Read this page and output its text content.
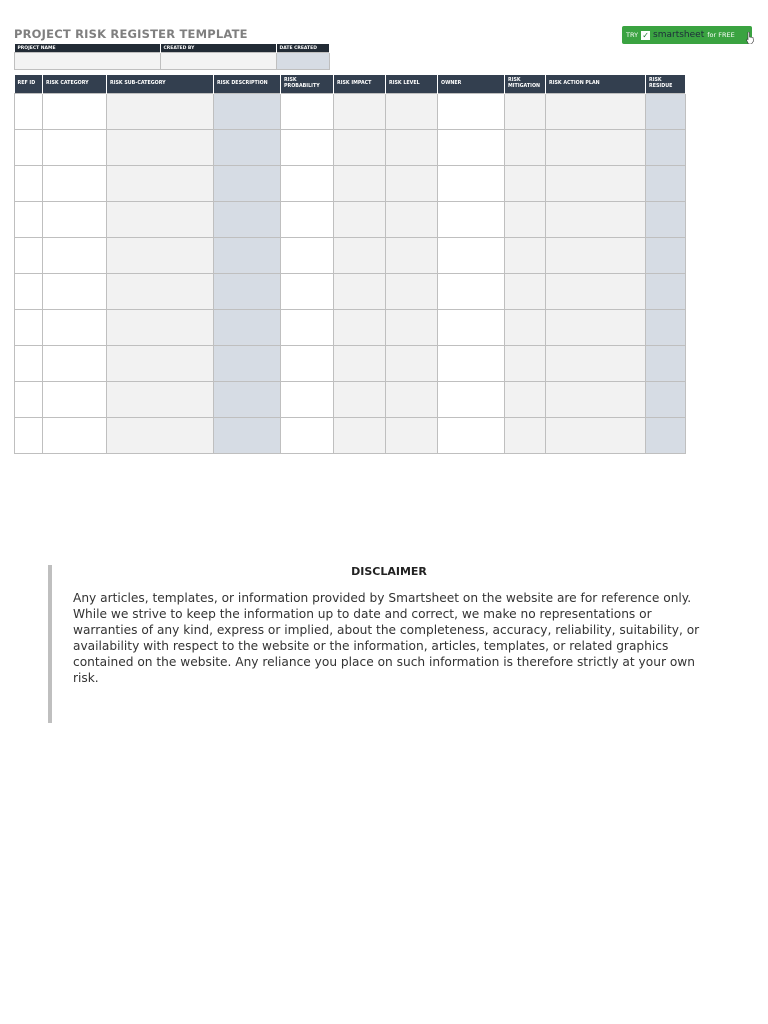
PROJECT RISK REGISTER TEMPLATE
PROJECT NAME	CREATED BY	DATE CREATED

TRY ✓ smartsheet for FREE
REF ID	RISK CATEGORY	RISK SUB-CATEGORY	RISK DESCRIPTION	RISK PROBABILITY	RISK IMPACT	RISK LEVEL	OWNER	RISK MITIGATION	RISK ACTION PLAN	RISK RESIDUE

DISCLAIMER
Any articles, templates, or information provided by Smartsheet on the website are for reference only. While we strive to keep the information up to date and correct, we make no representations or warranties of any kind, express or implied, about the completeness, accuracy, reliability, suitability, or availability with respect to the website or the information, articles, templates, or related graphics contained on the website. Any reliance you place on such information is therefore strictly at your own risk.
